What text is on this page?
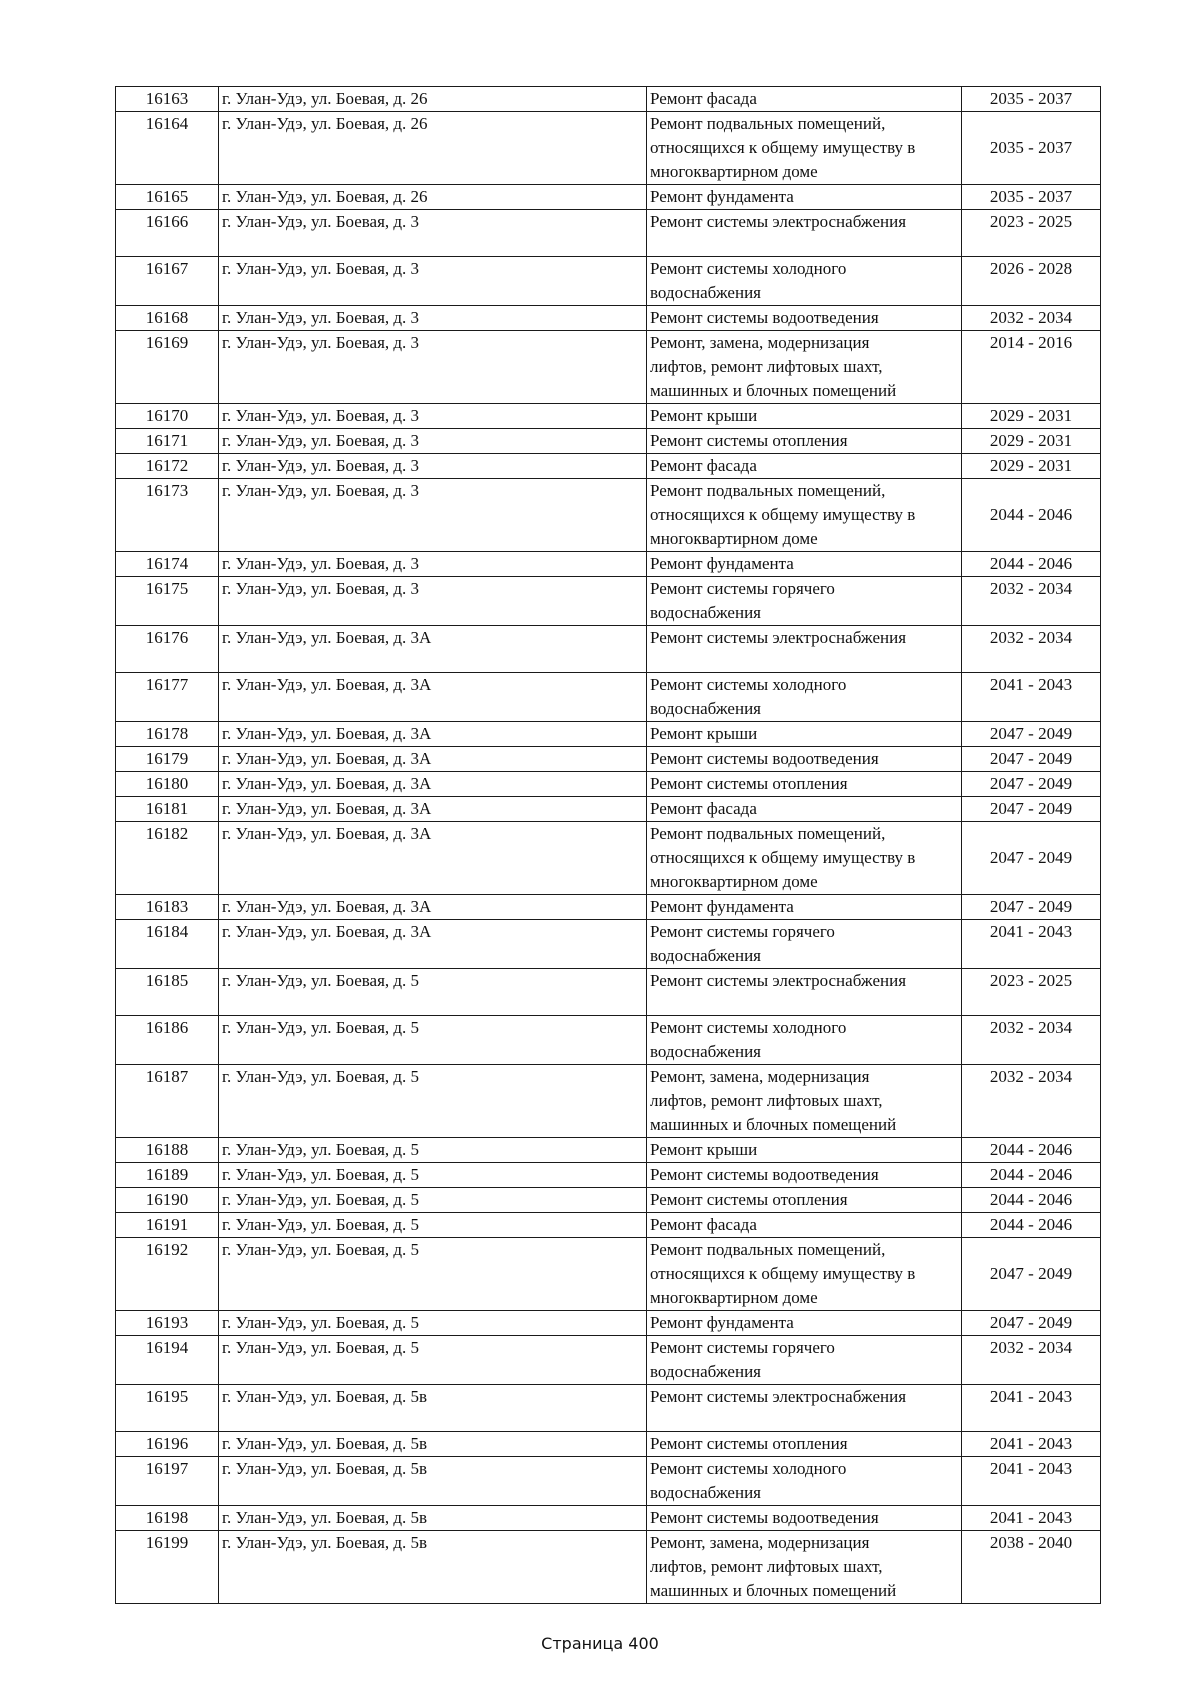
16163	г. Улан-Удэ, ул. Боевая, д. 26	Ремонт фасада	2035 - 2037
16164	г. Улан-Удэ, ул. Боевая, д. 26	Ремонт подвальных помещений,
относящихся к общему имуществу в
многоквартирном доме	2035 - 2037
16165	г. Улан-Удэ, ул. Боевая, д. 26	Ремонт фундамента	2035 - 2037
16166	г. Улан-Удэ, ул. Боевая, д. 3	Ремонт системы электроснабжения	2023 - 2025
16167	г. Улан-Удэ, ул. Боевая, д. 3	Ремонт системы холодного
водоснабжения	2026 - 2028
16168	г. Улан-Удэ, ул. Боевая, д. 3	Ремонт системы водоотведения	2032 - 2034
16169	г. Улан-Удэ, ул. Боевая, д. 3	Ремонт, замена, модернизация
лифтов, ремонт лифтовых шахт,
машинных и блочных помещений	2014 - 2016
16170	г. Улан-Удэ, ул. Боевая, д. 3	Ремонт крыши	2029 - 2031
16171	г. Улан-Удэ, ул. Боевая, д. 3	Ремонт системы отопления	2029 - 2031
16172	г. Улан-Удэ, ул. Боевая, д. 3	Ремонт фасада	2029 - 2031
16173	г. Улан-Удэ, ул. Боевая, д. 3	Ремонт подвальных помещений,
относящихся к общему имуществу в
многоквартирном доме	2044 - 2046
16174	г. Улан-Удэ, ул. Боевая, д. 3	Ремонт фундамента	2044 - 2046
16175	г. Улан-Удэ, ул. Боевая, д. 3	Ремонт системы горячего
водоснабжения	2032 - 2034
16176	г. Улан-Удэ, ул. Боевая, д. 3А	Ремонт системы электроснабжения	2032 - 2034
16177	г. Улан-Удэ, ул. Боевая, д. 3А	Ремонт системы холодного
водоснабжения	2041 - 2043
16178	г. Улан-Удэ, ул. Боевая, д. 3А	Ремонт крыши	2047 - 2049
16179	г. Улан-Удэ, ул. Боевая, д. 3А	Ремонт системы водоотведения	2047 - 2049
16180	г. Улан-Удэ, ул. Боевая, д. 3А	Ремонт системы отопления	2047 - 2049
16181	г. Улан-Удэ, ул. Боевая, д. 3А	Ремонт фасада	2047 - 2049
16182	г. Улан-Удэ, ул. Боевая, д. 3А	Ремонт подвальных помещений,
относящихся к общему имуществу в
многоквартирном доме	2047 - 2049
16183	г. Улан-Удэ, ул. Боевая, д. 3А	Ремонт фундамента	2047 - 2049
16184	г. Улан-Удэ, ул. Боевая, д. 3А	Ремонт системы горячего
водоснабжения	2041 - 2043
16185	г. Улан-Удэ, ул. Боевая, д. 5	Ремонт системы электроснабжения	2023 - 2025
16186	г. Улан-Удэ, ул. Боевая, д. 5	Ремонт системы холодного
водоснабжения	2032 - 2034
16187	г. Улан-Удэ, ул. Боевая, д. 5	Ремонт, замена, модернизация
лифтов, ремонт лифтовых шахт,
машинных и блочных помещений	2032 - 2034
16188	г. Улан-Удэ, ул. Боевая, д. 5	Ремонт крыши	2044 - 2046
16189	г. Улан-Удэ, ул. Боевая, д. 5	Ремонт системы водоотведения	2044 - 2046
16190	г. Улан-Удэ, ул. Боевая, д. 5	Ремонт системы отопления	2044 - 2046
16191	г. Улан-Удэ, ул. Боевая, д. 5	Ремонт фасада	2044 - 2046
16192	г. Улан-Удэ, ул. Боевая, д. 5	Ремонт подвальных помещений,
относящихся к общему имуществу в
многоквартирном доме	2047 - 2049
16193	г. Улан-Удэ, ул. Боевая, д. 5	Ремонт фундамента	2047 - 2049
16194	г. Улан-Удэ, ул. Боевая, д. 5	Ремонт системы горячего
водоснабжения	2032 - 2034
16195	г. Улан-Удэ, ул. Боевая, д. 5в	Ремонт системы электроснабжения	2041 - 2043
16196	г. Улан-Удэ, ул. Боевая, д. 5в	Ремонт системы отопления	2041 - 2043
16197	г. Улан-Удэ, ул. Боевая, д. 5в	Ремонт системы холодного
водоснабжения	2041 - 2043
16198	г. Улан-Удэ, ул. Боевая, д. 5в	Ремонт системы водоотведения	2041 - 2043
16199	г. Улан-Удэ, ул. Боевая, д. 5в	Ремонт, замена, модернизация
лифтов, ремонт лифтовых шахт,
машинных и блочных помещений	2038 - 2040
Страница 400
